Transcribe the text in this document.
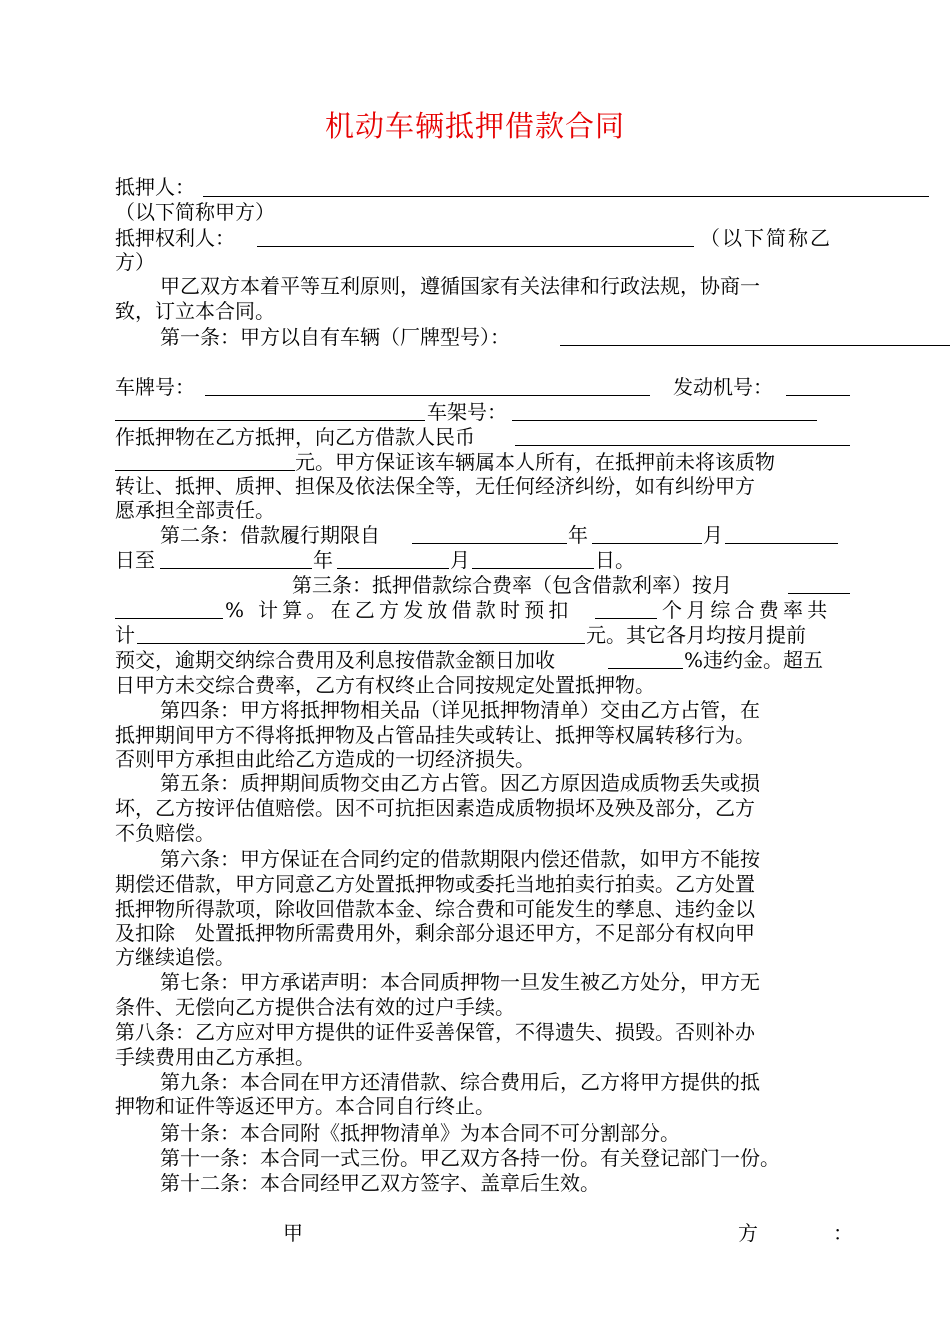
机动车辆抵押借款合同
抵押人：
（以下简称甲方）
抵押权利人：	（以下简称乙
方）
甲乙双方本着平等互利原则，遵循国家有关法律和行政法规，协商一
致，订立本合同。
第一条：甲方以自有车辆（厂牌型号）：
车牌号：	发动机号：
车架号：
作抵押物在乙方抵押，向乙方借款人民币
元。甲方保证该车辆属本人所有，在抵押前未将该质物
转让、抵押、质押、担保及依法保全等，无任何经济纠纷，如有纠纷甲方
愿承担全部责任。
第二条：借款履行期限自	年	月
日至	年	月	日。
第三条：抵押借款综合费率（包含借款利率）按月
% 计算。在乙方发放借款时预扣	个月综合费率共
计	元。其它各月均按月提前
预交，逾期交纳综合费用及利息按借款金额日加收	%违约金。超五
日甲方未交综合费率，乙方有权终止合同按规定处置抵押物。
第四条：甲方将抵押物相关品（详见抵押物清单）交由乙方占管，在
抵押期间甲方不得将抵押物及占管品挂失或转让、抵押等权属转移行为。
否则甲方承担由此给乙方造成的一切经济损失。
第五条：质押期间质物交由乙方占管。因乙方原因造成质物丢失或损
坏，乙方按评估值赔偿。因不可抗拒因素造成质物损坏及殃及部分，乙方
不负赔偿。
第六条：甲方保证在合同约定的借款期限内偿还借款，如甲方不能按
期偿还借款，甲方同意乙方处置抵押物或委托当地拍卖行拍卖。乙方处置
抵押物所得款项，除收回借款本金、综合费和可能发生的孳息、违约金以
及扣除　处置抵押物所需费用外，剩余部分退还甲方，不足部分有权向甲
方继续追偿。
第七条：甲方承诺声明：本合同质押物一旦发生被乙方处分，甲方无
条件、无偿向乙方提供合法有效的过户手续。
第八条：乙方应对甲方提供的证件妥善保管，不得遗失、损毁。否则补办
手续费用由乙方承担。
第九条：本合同在甲方还清借款、综合费用后，乙方将甲方提供的抵
押物和证件等返还甲方。本合同自行终止。
第十条：本合同附《抵押物清单》为本合同不可分割部分。
第十一条：本合同一式三份。甲乙双方各持一份。有关登记部门一份。
第十二条：本合同经甲乙双方签字、盖章后生效。
甲	方	：
